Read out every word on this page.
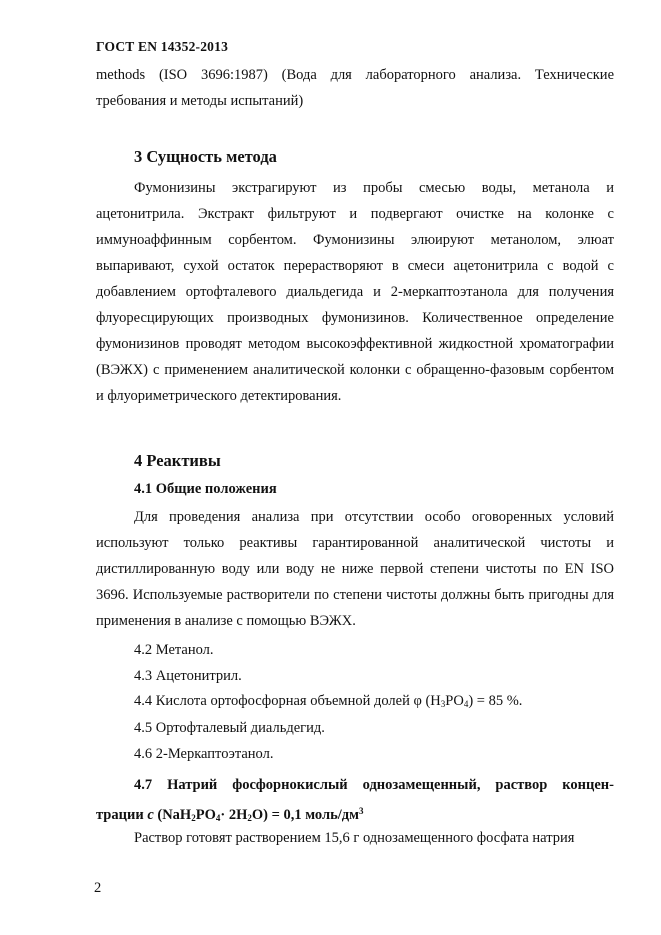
ГОСТ EN 14352-2013
methods (ISO 3696:1987) (Вода для лабораторного анализа. Технические требования и методы испытаний)
3 Сущность метода
Фумонизины экстрагируют из пробы смесью воды, метанола и ацетонитрила. Экстракт фильтруют и подвергают очистке на колонке с иммуноаффинным сорбентом. Фумонизины элюируют метанолом, элюат выпаривают, сухой остаток перерастворяют в смеси ацетонитрила с водой с добавлением ортофталевого диальдегида и 2-меркаптоэтанола для получения флуоресцирующих производных фумонизинов. Количественное определение фумонизинов проводят методом высокоэффективной жидкостной хроматографии (ВЭЖХ) с применением аналитической колонки с обращенно-фазовым сорбентом и флуориметрического детектирования.
4 Реактивы
4.1 Общие положения
Для проведения анализа при отсутствии особо оговоренных условий используют только реактивы гарантированной аналитической чистоты и дистиллированную воду или воду не ниже первой степени чистоты по EN ISO 3696. Используемые растворители по степени чистоты должны быть пригодны для применения в анализе с помощью ВЭЖХ.
4.2 Метанол.
4.3 Ацетонитрил.
4.4 Кислота ортофосфорная объемной долей φ $(H_3PO_4) = 85$ %.
4.5 Ортофталевый диальдегид.
4.6 2-Меркаптоэтанол.
4.7 Натрий фосфорнокислый однозамещенный, раствор концен-
трации c $(NaH_2PO_4\cdot 2H_2O) = 0,1$ моль/$дм^3$
Раствор готовят растворением 15,6 г однозамещенного фосфата натрия
2
